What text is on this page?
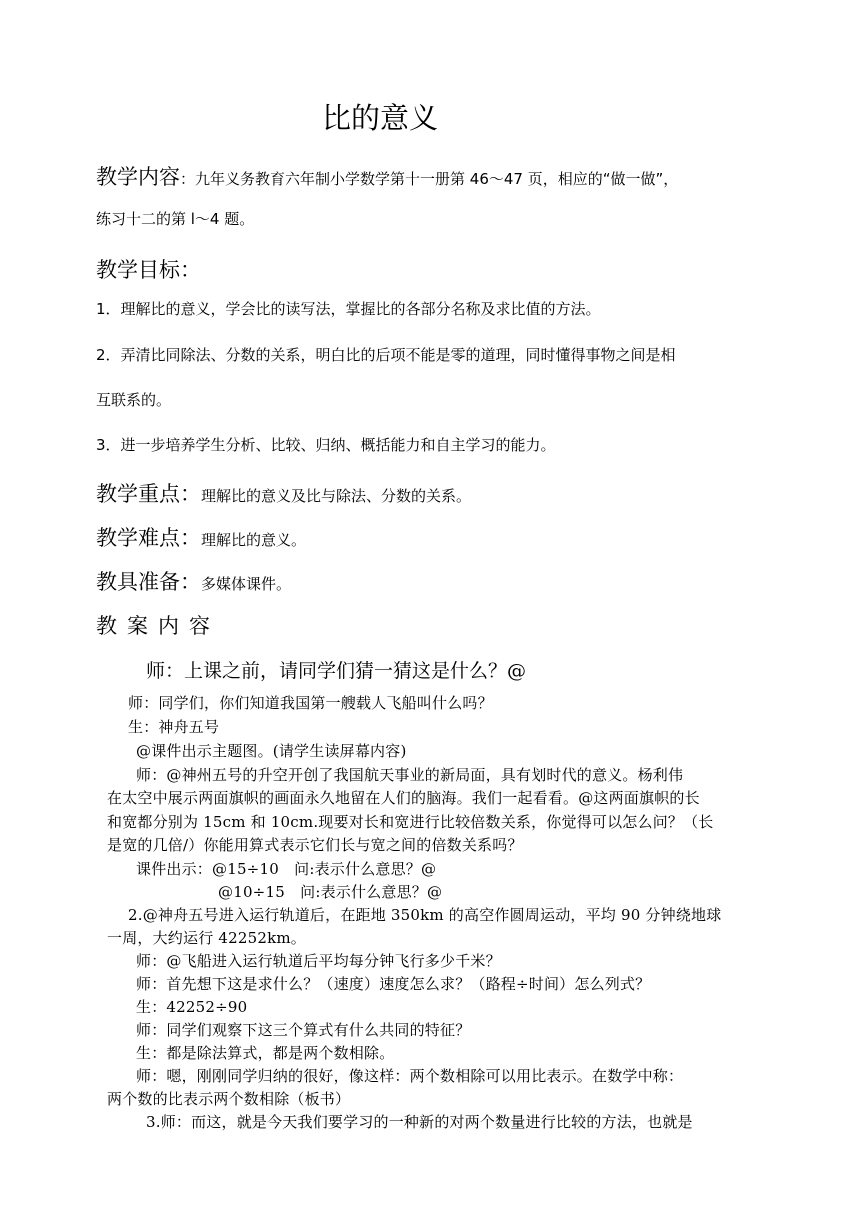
比的意义
教学内容：九年义务教育六年制小学数学第十一册第 46～47 页，相应的“做一做”，
练习十二的第 l～4 题。
教学目标：
1．理解比的意义，学会比的读写法，掌握比的各部分名称及求比值的方法。
2．弄清比同除法、分数的关系，明白比的后项不能是零的道理，同时懂得事物之间是相
互联系的。
3．进一步培养学生分析、比较、归纳、概括能力和自主学习的能力。
教学重点：理解比的意义及比与除法、分数的关系。
教学难点：理解比的意义。
教具准备：多媒体课件。
教案内容
师：上课之前，请同学们猜一猜这是什么？@
师：同学们，你们知道我国第一艘载人飞船叫什么吗？
生：神舟五号
@课件出示主题图。(请学生读屏幕内容)
师：@神州五号的升空开创了我国航天事业的新局面，具有划时代的意义。杨利伟
在太空中展示两面旗帜的画面永久地留在人们的脑海。我们一起看看。@这两面旗帜的长
和宽都分别为 15cm 和 10cm.现要对长和宽进行比较倍数关系，你觉得可以怎么问？（长
是宽的几倍/）你能用算式表示它们长与宽之间的倍数关系吗？
课件出示：@15÷10　问:表示什么意思？@
@10÷15　问:表示什么意思？@
2.@神舟五号进入运行轨道后，在距地 350km 的高空作圆周运动，平均 90 分钟绕地球
一周，大约运行 42252km。
师：@飞船进入运行轨道后平均每分钟飞行多少千米？
师：首先想下这是求什么？（速度）速度怎么求？（路程÷时间）怎么列式？
生：42252÷90
师：同学们观察下这三个算式有什么共同的特征？
生：都是除法算式，都是两个数相除。
师：嗯，刚刚同学归纳的很好，像这样：两个数相除可以用比表示。在数学中称：
两个数的比表示两个数相除（板书）
3.师：而这，就是今天我们要学习的一种新的对两个数量进行比较的方法，也就是
